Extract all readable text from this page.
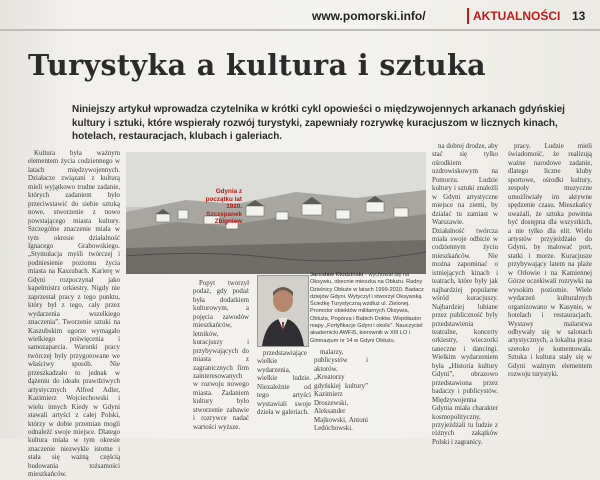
www.pomorski.info/	AKTUALNOŚCI 13
Turystyka a kultura i sztuka

Niniejszy artykuł wprowadza czytelnika w krótki cykl opowieści o międzywojennych arkanach gdyńskiej kultury i sztuki, które wspierały rozwój turystyki, zapewniały rozrywkę kuracjuszom w licznych kinach, hotelach, restauracjach, klubach i galeriach.

Kultura była ważnym elementem życia codziennego w latach międzywojennych. Działacze związani z kulturą mieli wyjątkowo trudne zadanie, których zadaniem było przeciwstawić do siebie sztuką nowe, stworzenie z nowo powstającego miasta kultury. Szczególne znaczenie miała w tym okresie działalność Ignacego Grabowskiego. „Stymulacja myśli twórczej i podniesienie poziomu życia miasta na Kaszubach. Karierę w Gdyni rozpoczynał jako kapelmistrz orkiestry. Nigdy nie zaprzestał pracy z tego punktu, który był z tego, cały przez wydarzenia wszelkiego znaczenia”. Tworzenie sztuki na Kaszubskim ugorze wymagało wielkiego poświęcenia i samozaparcia. Warunki pracy twórczej były przygotowane we właściwy sposób. Nie przeszkadzało to jednak w dążeniu do ideału prawdziwych artystycznych Alfred Adler, Kazimierz Wojciechowski i wielu innych Kiedy w Gdyni stawali artyści z całej Polski, którzy w dobie przemian mogli odnaleźć swoje miejsce. Dlatego kultura miała w tym okresie znaczenie niezwykle istotne i stała się ważną częścią budowania tożsamości mieszkańców.

Gdynia z początku lat 1920. Szczepanek Zbigniew
Jarosław Kłodziński - wychował się na Oksywiu, obecnie mieszka na Obłużu. Radny Dzielnicy Obłuże w latach 1999-2010. Badacz dziejów Gdyni. Wytyczył i stworzył Oksywską Ścieżkę Turystyczną wzdłuż ul. Zielonej. Promotor obiektów militarnych Oksywia, Obłuża, Pogórza i Babich Dołów. Współautor mapy „Fortyfikacje Gdyni i okolic”. Nauczyciel akademicki AWFiS, kierownik w XIII LO i Gimnazjum nr 14 w Gdyni Obłużu.

Popyt tworzył podaż, gdy podaż była dodatkiem kulturowym, a pojęcia zawodów mieszkańców, letników, kuracjuszy i przybywających do miasta z zagranicznych firm zainteresowanych w rozwoju nowego miasta. Zadaniem kultury było stworzenie zabawie i rozrywce nadać wartości wyższe.

przedstawiające wielkie wydarzenia, wielkie ludzie. Niezależnie od tego artyści wystawiali swoje dzieła w galeriach.

malarzy, publicystów i aktorów. „Kreatorzy gdyńskiej kultury” Kazimierz Droszewski, Aleksander Majkowski, Antoni Ledóchowski.

na dobrej drodze, aby stać się tylko ośrodkiem uzdrowiskowym na Pomorzu. Ludzie kultury i sztuki znaleźli w Gdyni artystyczne miejsce na ziemi, by działać tu zamiast w Warszawie. Działalność twórcza miała swoje odbicie w codziennym życiu mieszkańców. Nie można zapominać o istniejących kinach i teatrach, które były jak najbardziej popularne wśród kuracjuszy. Najbardziej lubiane przez publiczność były przedstawienia teatralne, koncerty orkiestry, wieczorki taneczne i dancingi. Wielkim wydarzeniem była „Historia kultury Gdyni”, obrazowo przedstawiona przez badaczy i publicystów. Międzywojenna Gdynia miała charakter kosmopolityczny, przyjeżdżali tu ludzie z różnych zakątków Polski i zagranicy.

pracy. Ludzie mieli świadomość, że realizują ważne narodowe zadanie, dlatego liczne kluby sportowe, ośrodki kultury, zespoły muzyczne umożliwiały im aktywne spędzenie czasu. Mieszkańcy uważali, że sztuka powinna być dostępna dla wszystkich, a nie tylko dla elit. Wielu artystów przyjeżdżało do Gdyni, by malować port, statki i morze. Kuracjusze przybywający latem na plaże w Orłowie i na Kamiennej Górze oczekiwali rozrywki na wysokim poziomie. Wiele wydarzeń kulturalnych organizowano w Kasynie, w hotelach i restauracjach. Wystawy malarstwa odbywały się w salonach artystycznych, a lokalna prasa szeroko je komentowała. Sztuka i kultura stały się w Gdyni ważnym elementem rozwoju turystyki.
